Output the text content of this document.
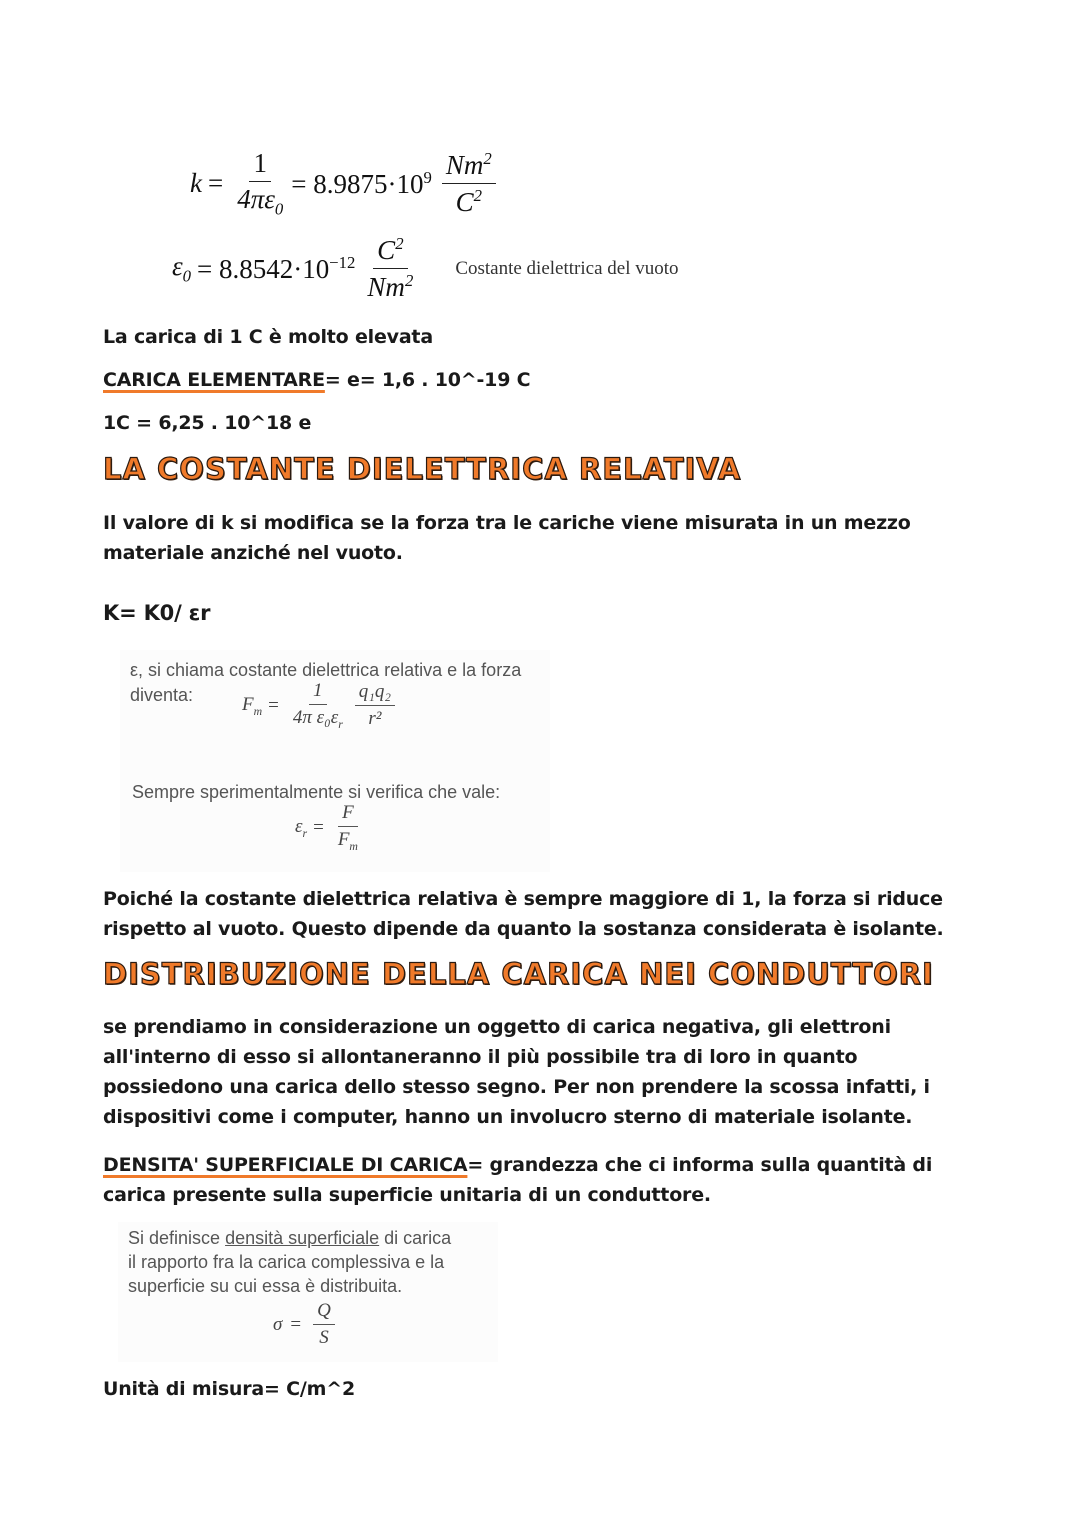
$k = \frac{1}{4\pi\varepsilon_0} = 8.9875\cdot 10^9 \frac{Nm^2}{C^2}$
$\varepsilon_0 = 8.8542\cdot 10^{-12} \frac{C^2}{Nm^2}$ Costante dielettrica del vuoto
La carica di 1 C è molto elevata
CARICA ELEMENTARE= e= 1,6 . 10^-19 C
1C = 6,25 . 10^18 e
LA COSTANTE DIELETTRICA RELATIVA
Il valore di k si modifica se la forza tra le cariche viene misurata in un mezzo materiale anziché nel vuoto.
K= K0/ εr
ε, si chiama costante dielettrica relativa e la forza
diventa:	$F_m = \frac{1}{4\pi \varepsilon_0\varepsilon_r} \frac{\text{q₁q₂}}{\text{r²}}$
Sempre sperimentalmente si verifica che vale:
$\varepsilon_r = \frac{F}{F_m}$
Poiché la costante dielettrica relativa è sempre maggiore di 1, la forza si riduce rispetto al vuoto. Questo dipende da quanto la sostanza considerata è isolante.
DISTRIBUZIONE DELLA CARICA NEI CONDUTTORI
se prendiamo in considerazione un oggetto di carica negativa, gli elettroni all'interno di esso si allontaneranno il più possibile tra di loro in quanto possiedono una carica dello stesso segno. Per non prendere la scossa infatti, i dispositivi come i computer, hanno un involucro sterno di materiale isolante.
DENSITA' SUPERFICIALE DI CARICA= grandezza che ci informa sulla quantità di carica presente sulla superficie unitaria di un conduttore.
Si definisce densità superficiale di carica
il rapporto fra la carica complessiva e la
superficie su cui essa è distribuita.
$\sigma = \frac{Q}{S}$
Unità di misura= C/m^2
